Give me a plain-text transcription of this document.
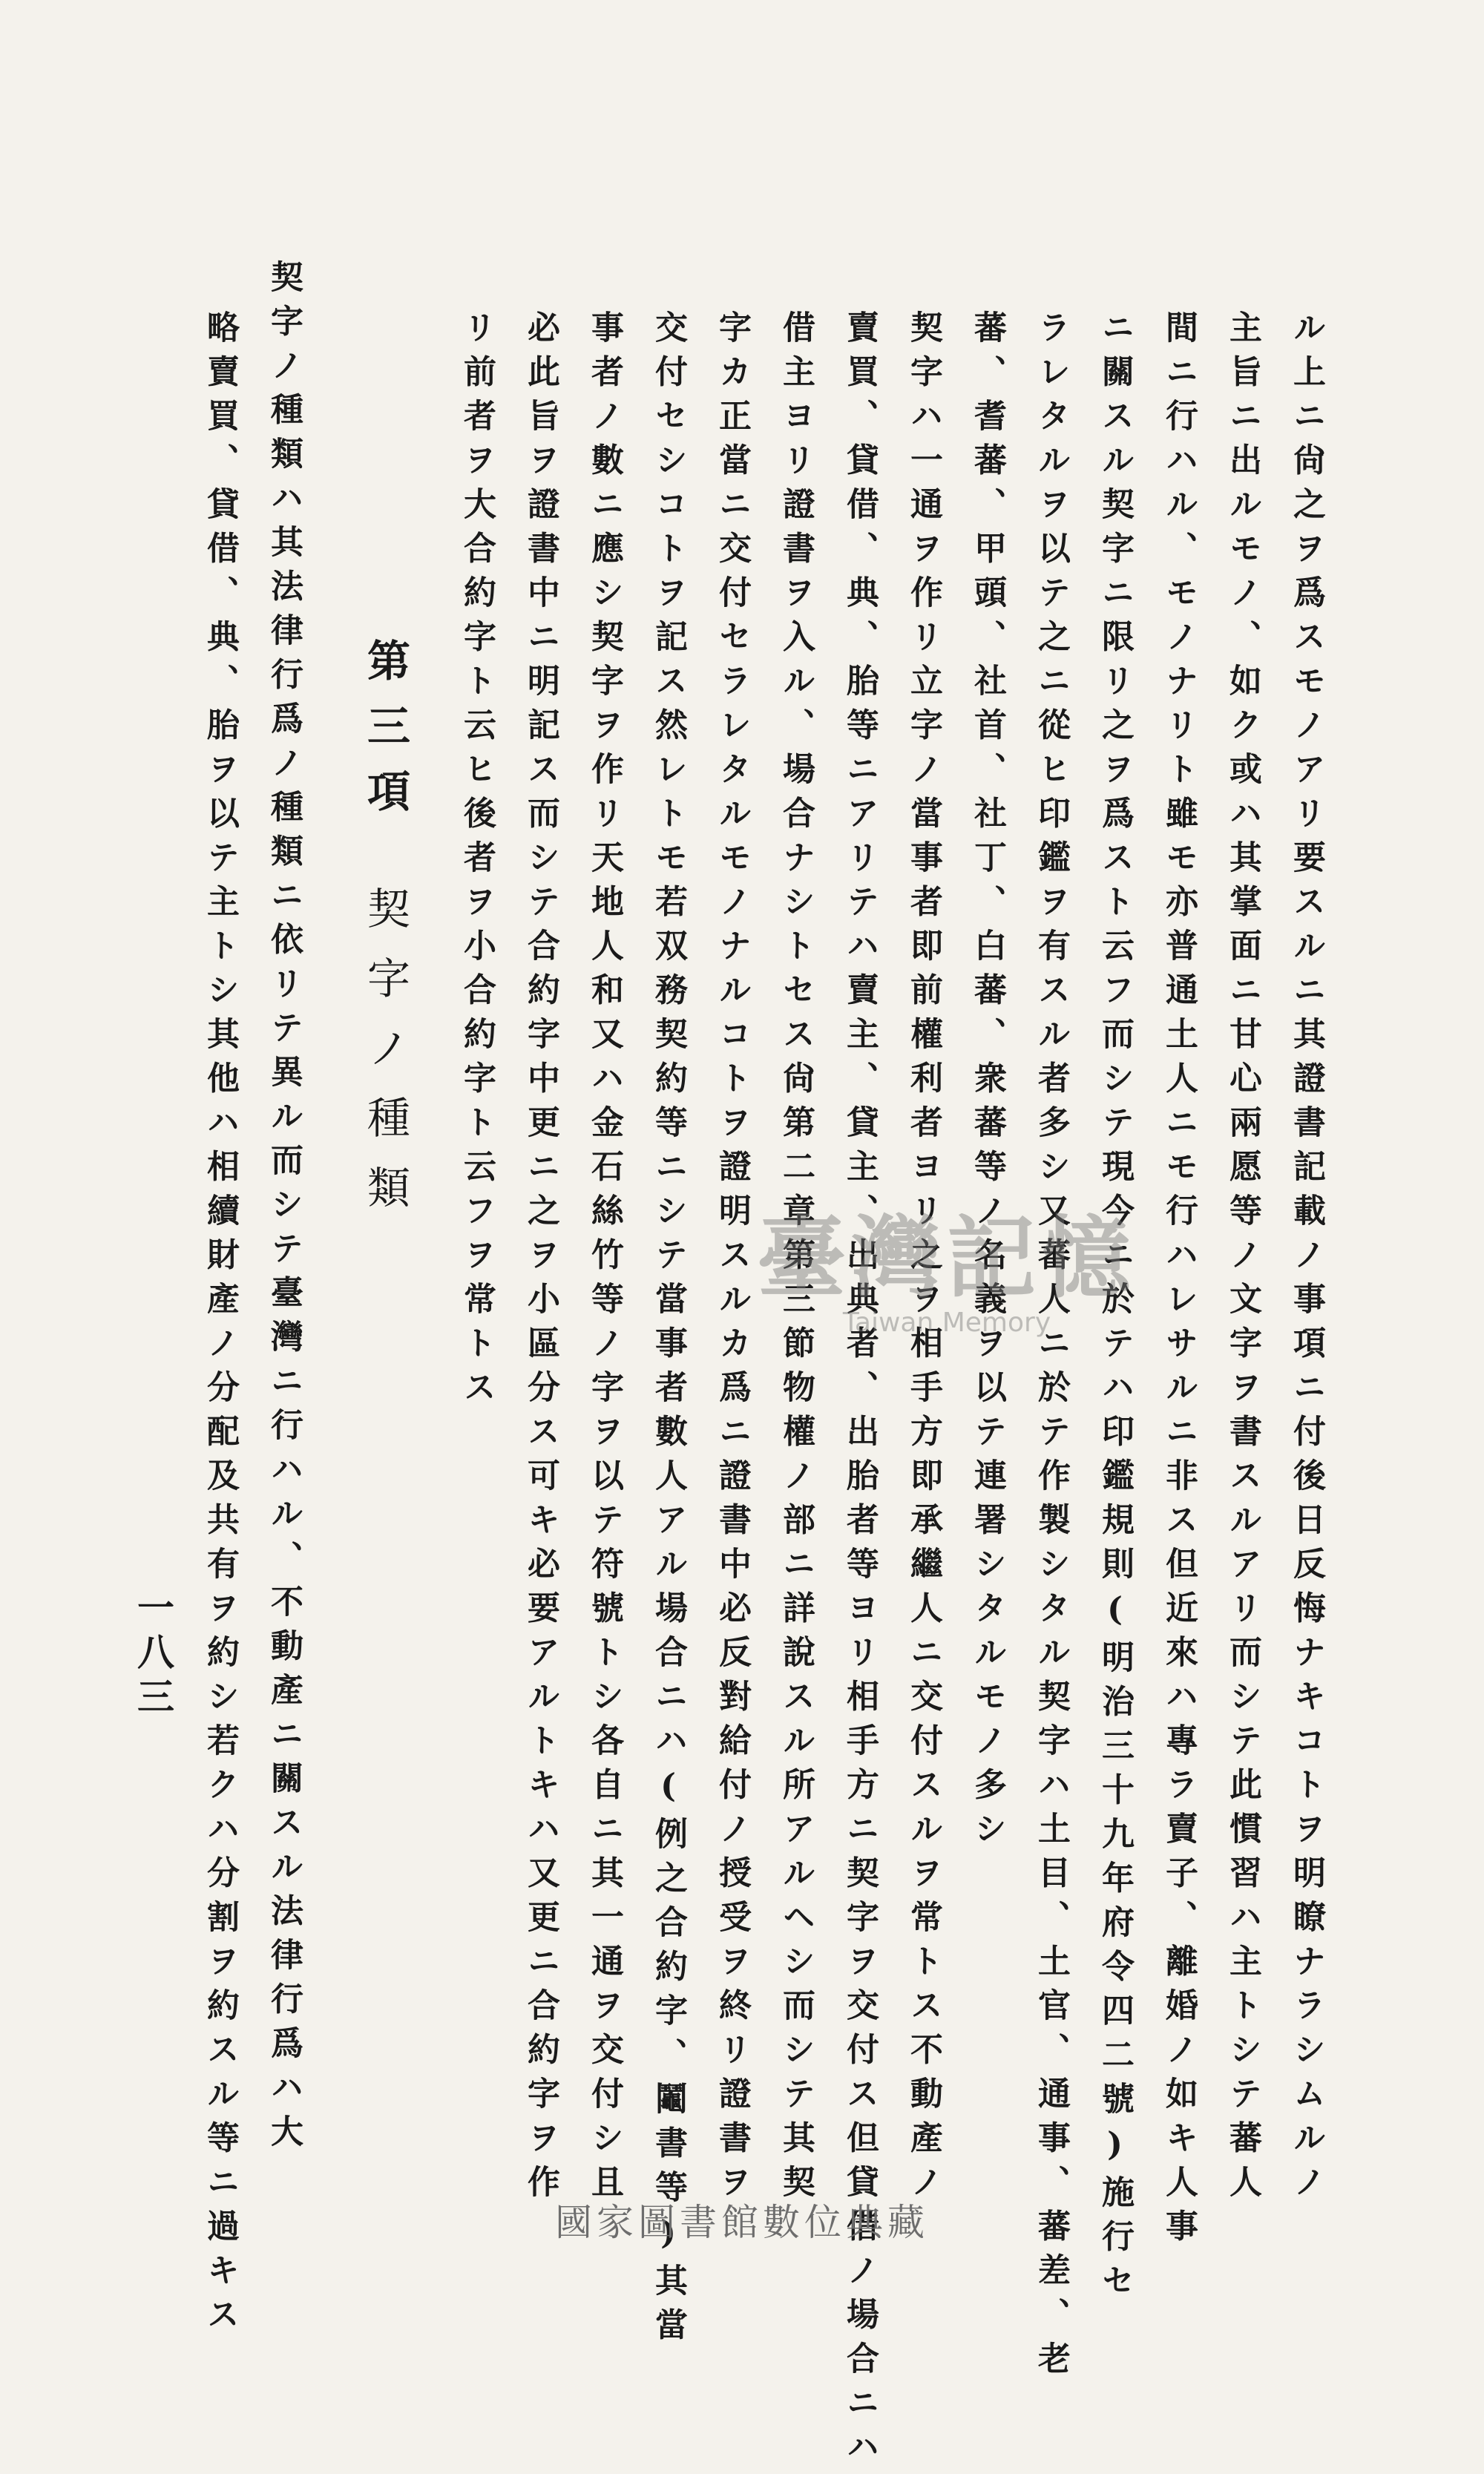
ル上ニ尙之ヲ爲スモノアリ要スルニ其證書記載ノ事項ニ付後日反悔ナキコトヲ明瞭ナラシムルノ
主旨ニ出ルモノ、如ク或ハ其掌面ニ甘心兩愿等ノ文字ヲ書スルアリ而シテ此慣習ハ主トシテ蕃人
間ニ行ハル、モノナリト雖モ亦普通土人ニモ行ハレサルニ非ス但近來ハ專ラ賣子、離婚ノ如キ人事
ニ關スル契字ニ限リ之ヲ爲スト云フ而シテ現今ニ於テハ印鑑規則(明治三十九年府令四二號)施行セ
ラレタルヲ以テ之ニ從ヒ印鑑ヲ有スル者多シ又蕃人ニ於テ作製シタル契字ハ土目、土官、通事、蕃差、老
蕃、耆蕃、甲頭、社首、社丁、白蕃、衆蕃等ノ名義ヲ以テ連署シタルモノ多シ
契字ハ一通ヲ作リ立字ノ當事者即前權利者ヨリ之ヲ相手方即承繼人ニ交付スルヲ常トス不動產ノ
賣買、貸借、典、胎等ニアリテハ賣主、貸主、出典者、出胎者等ヨリ相手方ニ契字ヲ交付ス但貸借ノ場合ニハ
借主ヨリ證書ヲ入ル、場合ナシトセス尙第二章第三節物權ノ部ニ詳說スル所アルヘシ而シテ其契
字カ正當ニ交付セラレタルモノナルコトヲ證明スルカ爲ニ證書中必反對給付ノ授受ヲ終リ證書ヲ
交付セシコトヲ記ス然レトモ若双務契約等ニシテ當事者數人アル場合ニハ(例之合約字、鬮書等)其當
事者ノ數ニ應シ契字ヲ作リ天地人和又ハ金石絲竹等ノ字ヲ以テ符號トシ各自ニ其一通ヲ交付シ且
必此旨ヲ證書中ニ明記ス而シテ合約字中更ニ之ヲ小區分ス可キ必要アルトキハ又更ニ合約字ヲ作
リ前者ヲ大合約字ト云ヒ後者ヲ小合約字ト云フヲ常トス
第三項契字ノ種類
契字ノ種類ハ其法律行爲ノ種類ニ依リテ異ル而シテ臺灣ニ行ハル、不動產ニ關スル法律行爲ハ大
略賣買、貸借、典、胎ヲ以テ主トシ其他ハ相續財產ノ分配及共有ヲ約シ若クハ分割ヲ約スル等ニ過キス
一八三
臺灣記憶
Taiwan Memory
國家圖書館數位典藏
